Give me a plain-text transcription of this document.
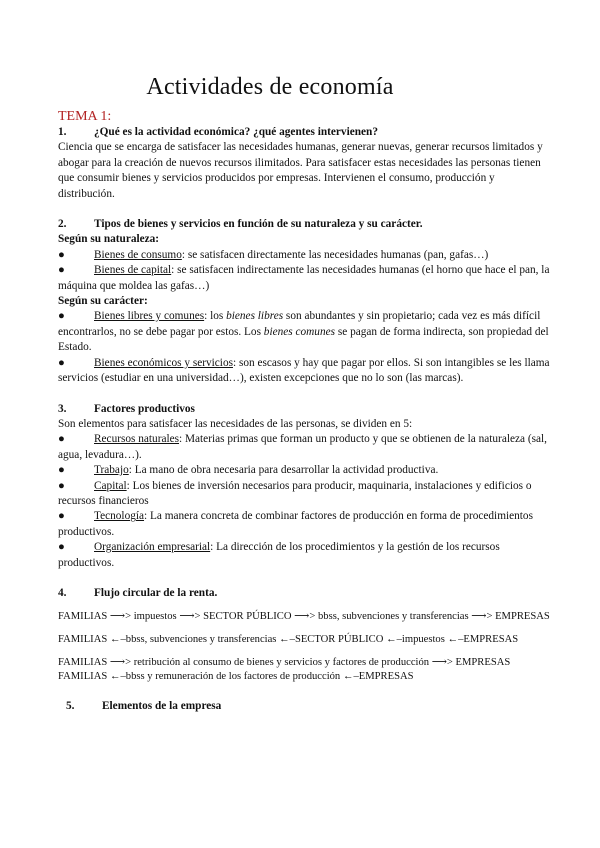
Actividades de economía

TEMA 1:

1.	¿Qué es la actividad económica? ¿qué agentes intervienen?

Ciencia que se encarga de satisfacer las necesidades humanas, generar nuevas, generar recursos limitados y abogar para la creación de nuevos recursos ilimitados. Para satisfacer estas necesidades las personas tienen que consumir bienes y servicios producidos por empresas. Intervienen el consumo, producción y distribución.

2.	Tipos de bienes y servicios en función de su naturaleza y su carácter.

Según su naturaleza:

●	Bienes de consumo: se satisfacen directamente las necesidades humanas (pan, gafas…)

●	Bienes de capital: se satisfacen indirectamente las necesidades humanas (el horno que hace el pan, la máquina que moldea las gafas…)

Según su carácter:

●	Bienes libres y comunes: los bienes libres son abundantes y sin propietario; cada vez es más difícil encontrarlos, no se debe pagar por estos. Los bienes comunes se pagan de forma indirecta, son propiedad del Estado.

●	Bienes económicos y servicios: son escasos y hay que pagar por ellos. Si son intangibles se les llama servicios (estudiar en una universidad…), existen excepciones que no lo son (las marcas).

3.	Factores productivos

Son elementos para satisfacer las necesidades de las personas, se dividen en 5:

●	Recursos naturales: Materias primas que forman un producto y que se obtienen de la naturaleza (sal, agua, levadura…).

●	Trabajo: La mano de obra necesaria para desarrollar la actividad productiva.

●	Capital: Los bienes de inversión necesarios para producir, maquinaria, instalaciones y edificios o recursos financieros

●	Tecnología: La manera concreta de combinar factores de producción en forma de procedimientos productivos.

●	Organización empresarial: La dirección de los procedimientos y la gestión de los recursos productivos.

4.	Flujo circular de la renta.

FAMILIAS ⟶> impuestos ⟶> SECTOR PÚBLICO ⟶> bbss, subvenciones y transferencias ⟶> EMPRESAS

FAMILIAS ←–bbss, subvenciones y transferencias ←–SECTOR PÚBLICO ←–impuestos ←–EMPRESAS

FAMILIAS ⟶> retribución al consumo de bienes y servicios y factores de producción ⟶> EMPRESAS

FAMILIAS ←–bbss y remuneración de los factores de producción ←–EMPRESAS

5.	Elementos de la empresa
